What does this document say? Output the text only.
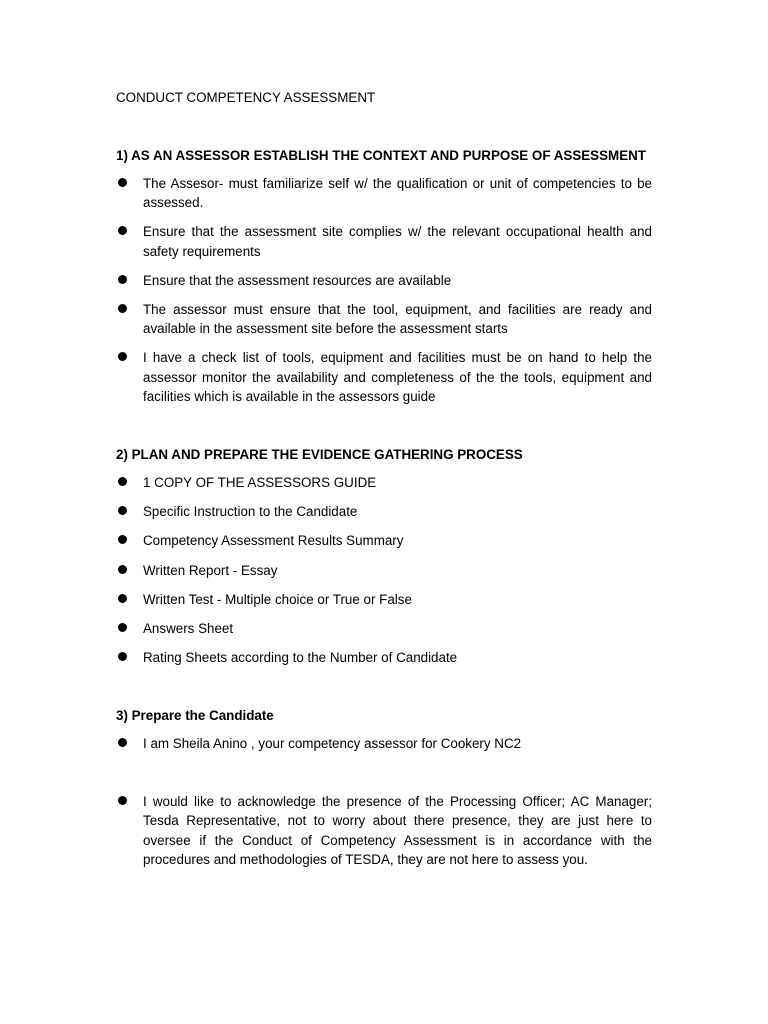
CONDUCT COMPETENCY ASSESSMENT
1) AS AN ASSESSOR ESTABLISH THE CONTEXT AND PURPOSE OF ASSESSMENT
The Assesor- must familiarize self w/ the qualification or unit of competencies to be assessed.
Ensure that the assessment site complies w/ the relevant occupational health and safety requirements
Ensure that the assessment resources are available
The assessor must ensure that the tool, equipment, and facilities are ready and available in the assessment site before the assessment starts
I have a check list of tools, equipment and facilities must be on hand to help the assessor monitor the availability and completeness of the the tools, equipment and facilities which is available in the assessors guide
2) PLAN AND PREPARE THE EVIDENCE GATHERING PROCESS
1 COPY OF THE ASSESSORS GUIDE
Specific Instruction to the Candidate
Competency Assessment Results Summary
Written Report - Essay
Written Test - Multiple choice or True or False
Answers Sheet
Rating Sheets according to the Number of Candidate
3) Prepare the Candidate
I am Sheila Anino , your competency assessor for Cookery NC2
I would like to acknowledge the presence of the Processing Officer; AC Manager; Tesda Representative, not to worry about there presence, they are just here to oversee if the Conduct of Competency Assessment is in accordance with the procedures and methodologies of TESDA, they are not here to assess you.
